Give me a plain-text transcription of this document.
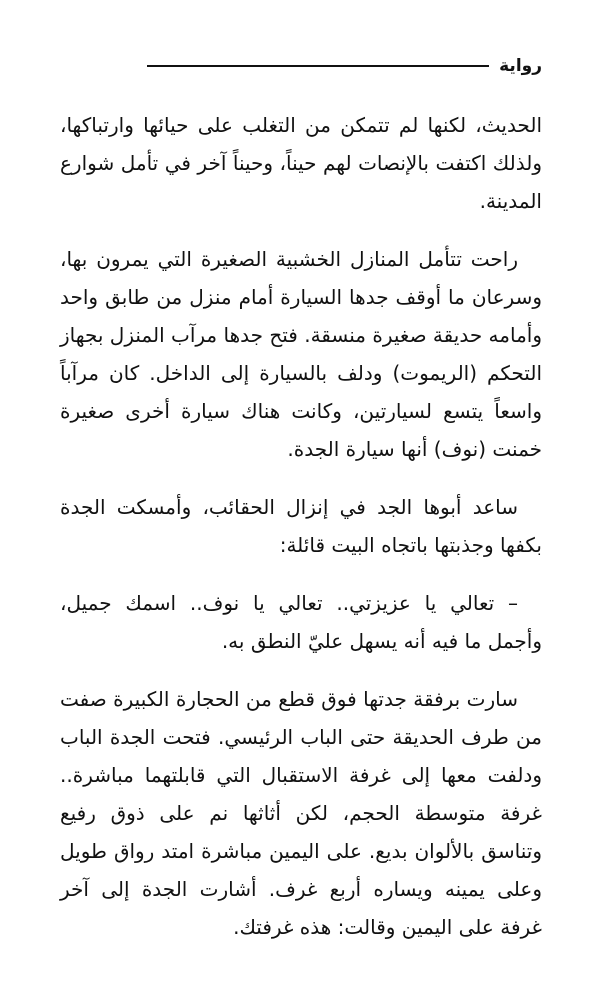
رواية

الحديث، لكنها لم تتمكن من التغلب على حيائها وارتباكها، ولذلك اكتفت بالإنصات لهم حيناً، وحيناً آخر في تأمل شوارع المدينة.

راحت تتأمل المنازل الخشبية الصغيرة التي يمرون بها، وسرعان ما أوقف جدها السيارة أمام منزل من طابق واحد وأمامه حديقة صغيرة منسقة. فتح جدها مرآب المنزل بجهاز التحكم (الريموت) ودلف بالسيارة إلى الداخل. كان مرآباً واسعاً يتسع لسيارتين، وكانت هناك سيارة أخرى صغيرة خمنت (نوف) أنها سيارة الجدة.

ساعد أبوها الجد في إنزال الحقائب، وأمسكت الجدة بكفها وجذبتها باتجاه البيت قائلة:

– تعالي يا عزيزتي.. تعالي يا نوف.. اسمك جميل، وأجمل ما فيه أنه يسهل عليّ النطق به.

سارت برفقة جدتها فوق قطع من الحجارة الكبيرة صفت من طرف الحديقة حتى الباب الرئيسي. فتحت الجدة الباب ودلفت معها إلى غرفة الاستقبال التي قابلتهما مباشرة.. غرفة متوسطة الحجم، لكن أثاثها نم على ذوق رفيع وتناسق بالألوان بديع. على اليمين مباشرة امتد رواق طويل وعلى يمينه ويساره أربع غرف. أشارت الجدة إلى آخر غرفة على اليمين وقالت: هذه غرفتك.
